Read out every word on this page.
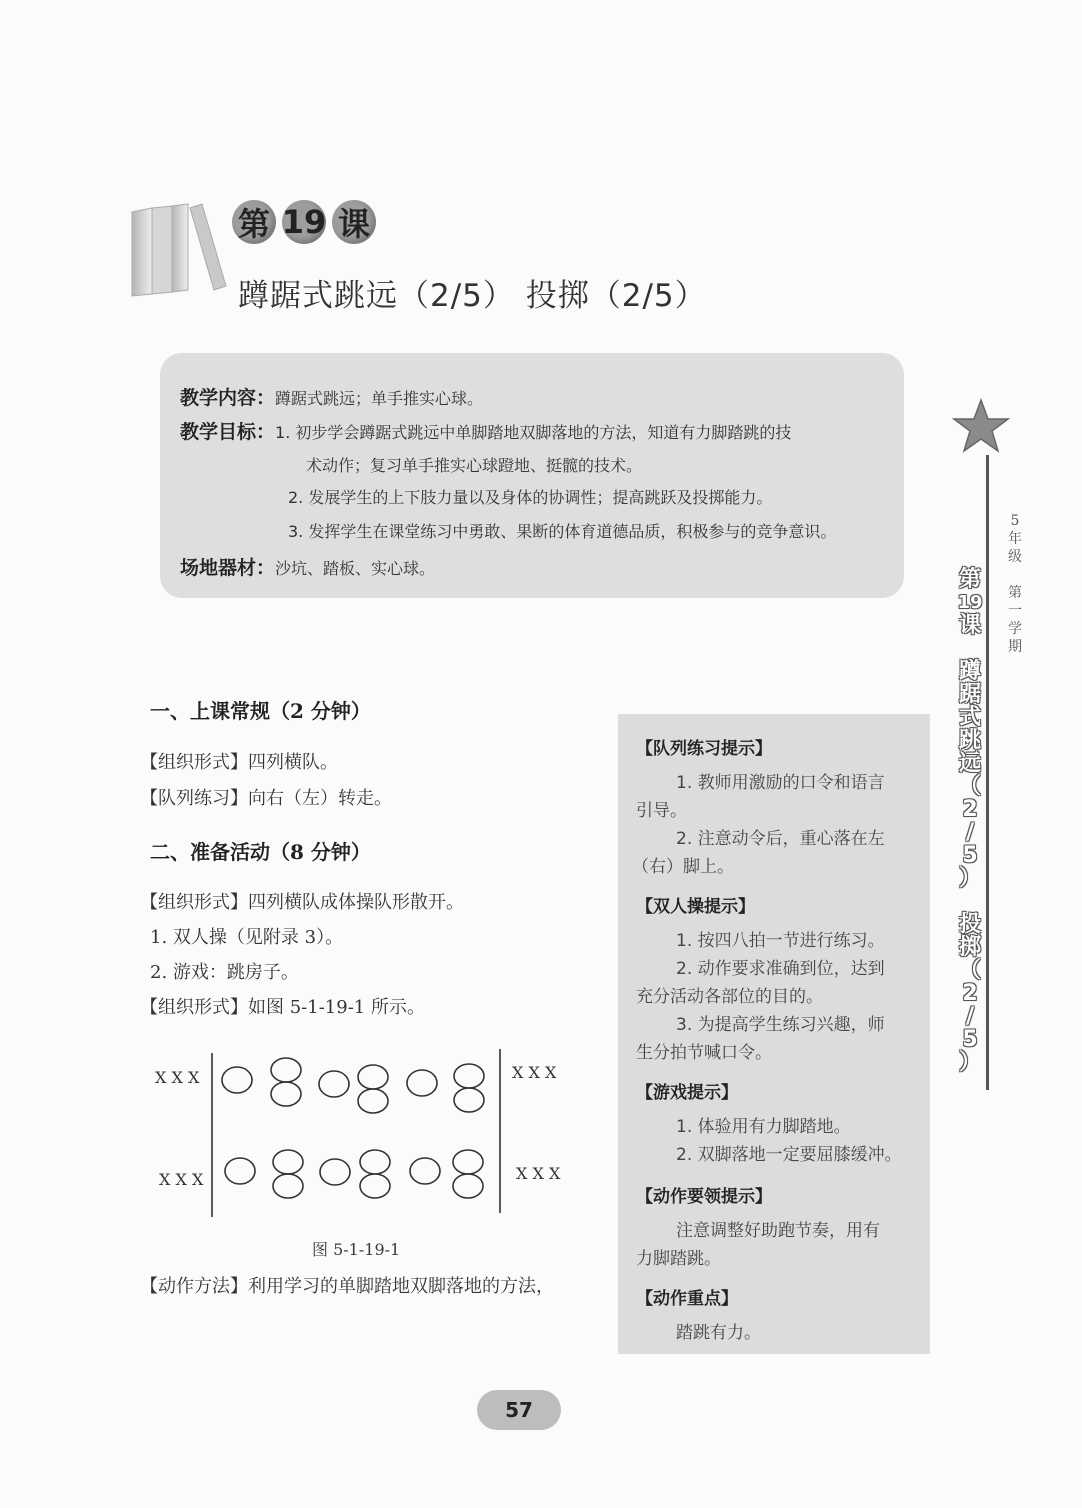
第 19 课
蹲踞式跳远（2/5） 投掷（2/5）
教学内容：蹲踞式跳远；单手推实心球。
教学目标：1. 初步学会蹲踞式跳远中单脚踏地双脚落地的方法，知道有力脚踏跳的技
术动作；复习单手推实心球蹬地、挺髋的技术。
2. 发展学生的上下肢力量以及身体的协调性；提高跳跃及投掷能力。
3. 发挥学生在课堂练习中勇敢、果断的体育道德品质，积极参与的竞争意识。
场地器材：沙坑、踏板、实心球。
5
年
级
第
一
学
期
第
19
课
蹲
踞
式
跳
远
（
2
/
5
）
投
掷
（
2
/
5
）
一、上课常规（2 分钟）
【组织形式】四列横队。
【队列练习】向右（左）转走。
二、准备活动（8 分钟）
【组织形式】四列横队成体操队形散开。
1. 双人操（见附录 3）。
2. 游戏：跳房子。
【组织形式】如图 5-1-19-1 所示。
X X X
X X X
X X X
X X X
图 5-1-19-1
【动作方法】利用学习的单脚踏地双脚落地的方法，
【队列练习提示】
1. 教师用激励的口令和语言
引导。
2. 注意动令后，重心落在左
（右）脚上。
【双人操提示】
1. 按四八拍一节进行练习。
2. 动作要求准确到位，达到
充分活动各部位的目的。
3. 为提高学生练习兴趣，师
生分拍节喊口令。
【游戏提示】
1. 体验用有力脚踏地。
2. 双脚落地一定要屈膝缓冲。
【动作要领提示】
注意调整好助跑节奏，用有
力脚踏跳。
【动作重点】
踏跳有力。
57
